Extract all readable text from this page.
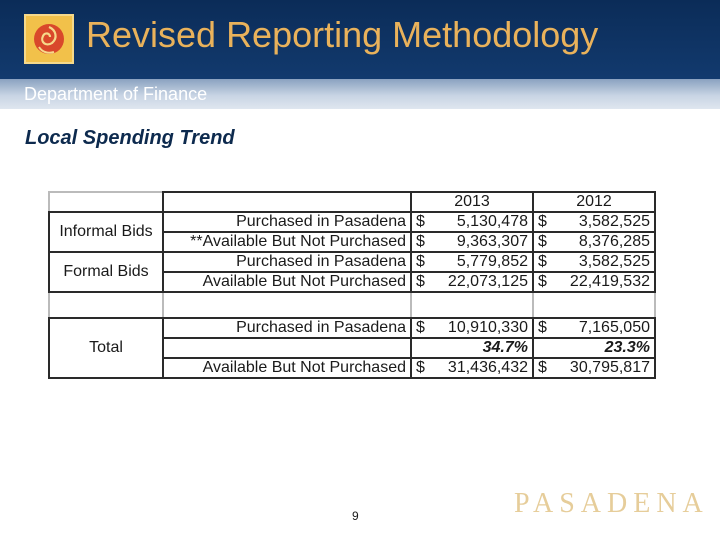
Revised Reporting Methodology
Department of Finance
Local Spending Trend
		2013	2012
Informal Bids	Purchased in Pasadena	$ 5,130,478	$ 3,582,525

	**Available But Not Purchased	$ 9,363,307	$ 8,376,285

Formal Bids	Purchased in Pasadena	$ 5,779,852	$ 3,582,525

	Available But Not Purchased	$ 22,073,125	$ 22,419,532

Total	Purchased in Pasadena	$ 10,910,330	$ 7,165,050

		34.7%	23.3%
	Available But Not Purchased	$ 31,436,432	$ 30,795,817
9	PASADENA
